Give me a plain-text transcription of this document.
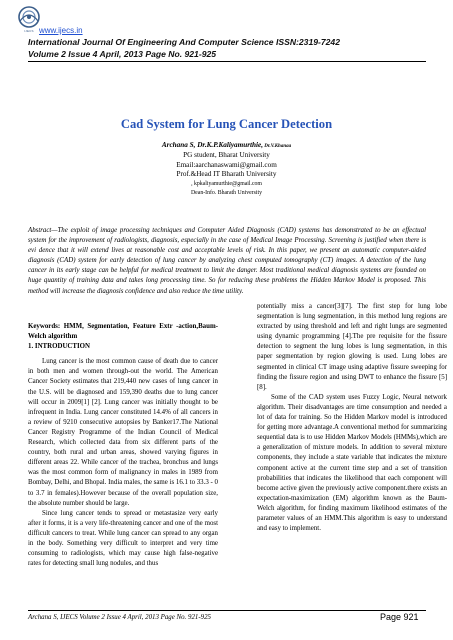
IJECS www.ijecs.in
International Journal Of Engineering And Computer Science ISSN:2319-7242
Volume 2 Issue 4 April, 2013 Page No. 921-925
Cad System for Lung Cancer Detection
Archana S, Dr.K.P.Kaliyamurthie, Dr.V.Khanaa
PG student, Bharat University
Email:aarchanaswami@gmail.com
Prof.&Head IT Bharath University
, kpkaliyamurthie@gmail.com
Dean-Info. Bharath University
Abstract—The exploit of image processing techniques and Computer Aided Diagnosis (CAD) systems has demonstrated to be an effectual system for the improvement of radiologists, diagnosis, especially in the case of Medical Image Processing. Screening is justified when there is evi dence that it will extend lives at reasonable cost and acceptable levels of risk. In this paper, we present an automatic computer-aided diagnosis (CAD) system for early detection of lung cancer by analyzing chest computed tomography (CT) images. A detection of the lung cancer in its early stage can be helpful for medical treatment to limit the danger. Most traditional medical diagnosis systems are founded on huge quantity of training data and takes long processing time. So for reducing these problems the Hidden Markov Model is proposed. This method will increase the diagnosis confidence and also reduce the time utility.

Keywords: HMM, Segmentation, Feature Extr -action,Baum-Welch algorithm

1. INTRODUCTION

Lung cancer is the most common cause of death due to cancer in both men and women through-out the world. The American Cancer Society estimates that 219,440 new cases of lung cancer in the U.S. will be diagnosed and 159,390 deaths due to lung cancer will occur in 2009[1] [2]. Lung cancer was initially thought to be infrequent in India. Lung cancer constituted 14.4% of all cancers in a review of 9210 consecutive autopsies by Banker17.The National Cancer Registry Programme of the Indian Council of Medical Research, which collected data from six different parts of the country, both rural and urban areas, showed varying figures in different areas 22. While cancer of the trachea, bronchus and lungs was the most common form of malignancy in males in 1989 from Bombay, Delhi, and Bhopal. India males, the same is 16.1 to 33.3 - 0 to 3.7 in females).However because of the overall population size, the absolute number should be large.

Since lung cancer tends to spread or metastasize very early after it forms, it is a very life-threatening cancer and one of the most difficult cancers to treat. While lung cancer can spread to any organ in the body. Something very difficult to interpret and very time consuming to radiologists, which may cause high false-negative rates for detecting small lung nodules, and thus

potentially miss a cancer[3][7]. The first step for lung lobe segmentation is lung segmentation, in this method lung regions are extracted by using threshold and left and right lungs are segmented using dynamic programming [4].The pre requisite for the fissure detection to segment the lung lobes is lung segmentation, in this paper segmentation by region glowing is used. Lung lobes are segmented in clinical CT image using adaptive fissure sweeping for finding the fissure region and using DWT to enhance the fissure [5][8].

Some of the CAD system uses Fuzzy Logic, Neural network algorithm. Their disadvantages are time consumption and needed a lot of data for training. So the Hidden Markov model is introduced for getting more advantage.A conventional method for summarizing sequential data is to use Hidden Markov Models (HMMs),which are a generalization of mixture models. In addition to several mixture components, they include a state variable that indicates the mixture component active at the current time step and a set of transition probabilities that indicates the likelihood that each component will become active given the previously active component.there exists an expectation-maximization (EM) algorithm known as the Baum-Welch algorithm, for finding maximum likelihood estimates of the parameter values of an HMM.This algorithm is easy to understand and easy to implement.

Archana S, IJECS Volume 2 Issue 4 April, 2013 Page No. 921-925	Page 921
